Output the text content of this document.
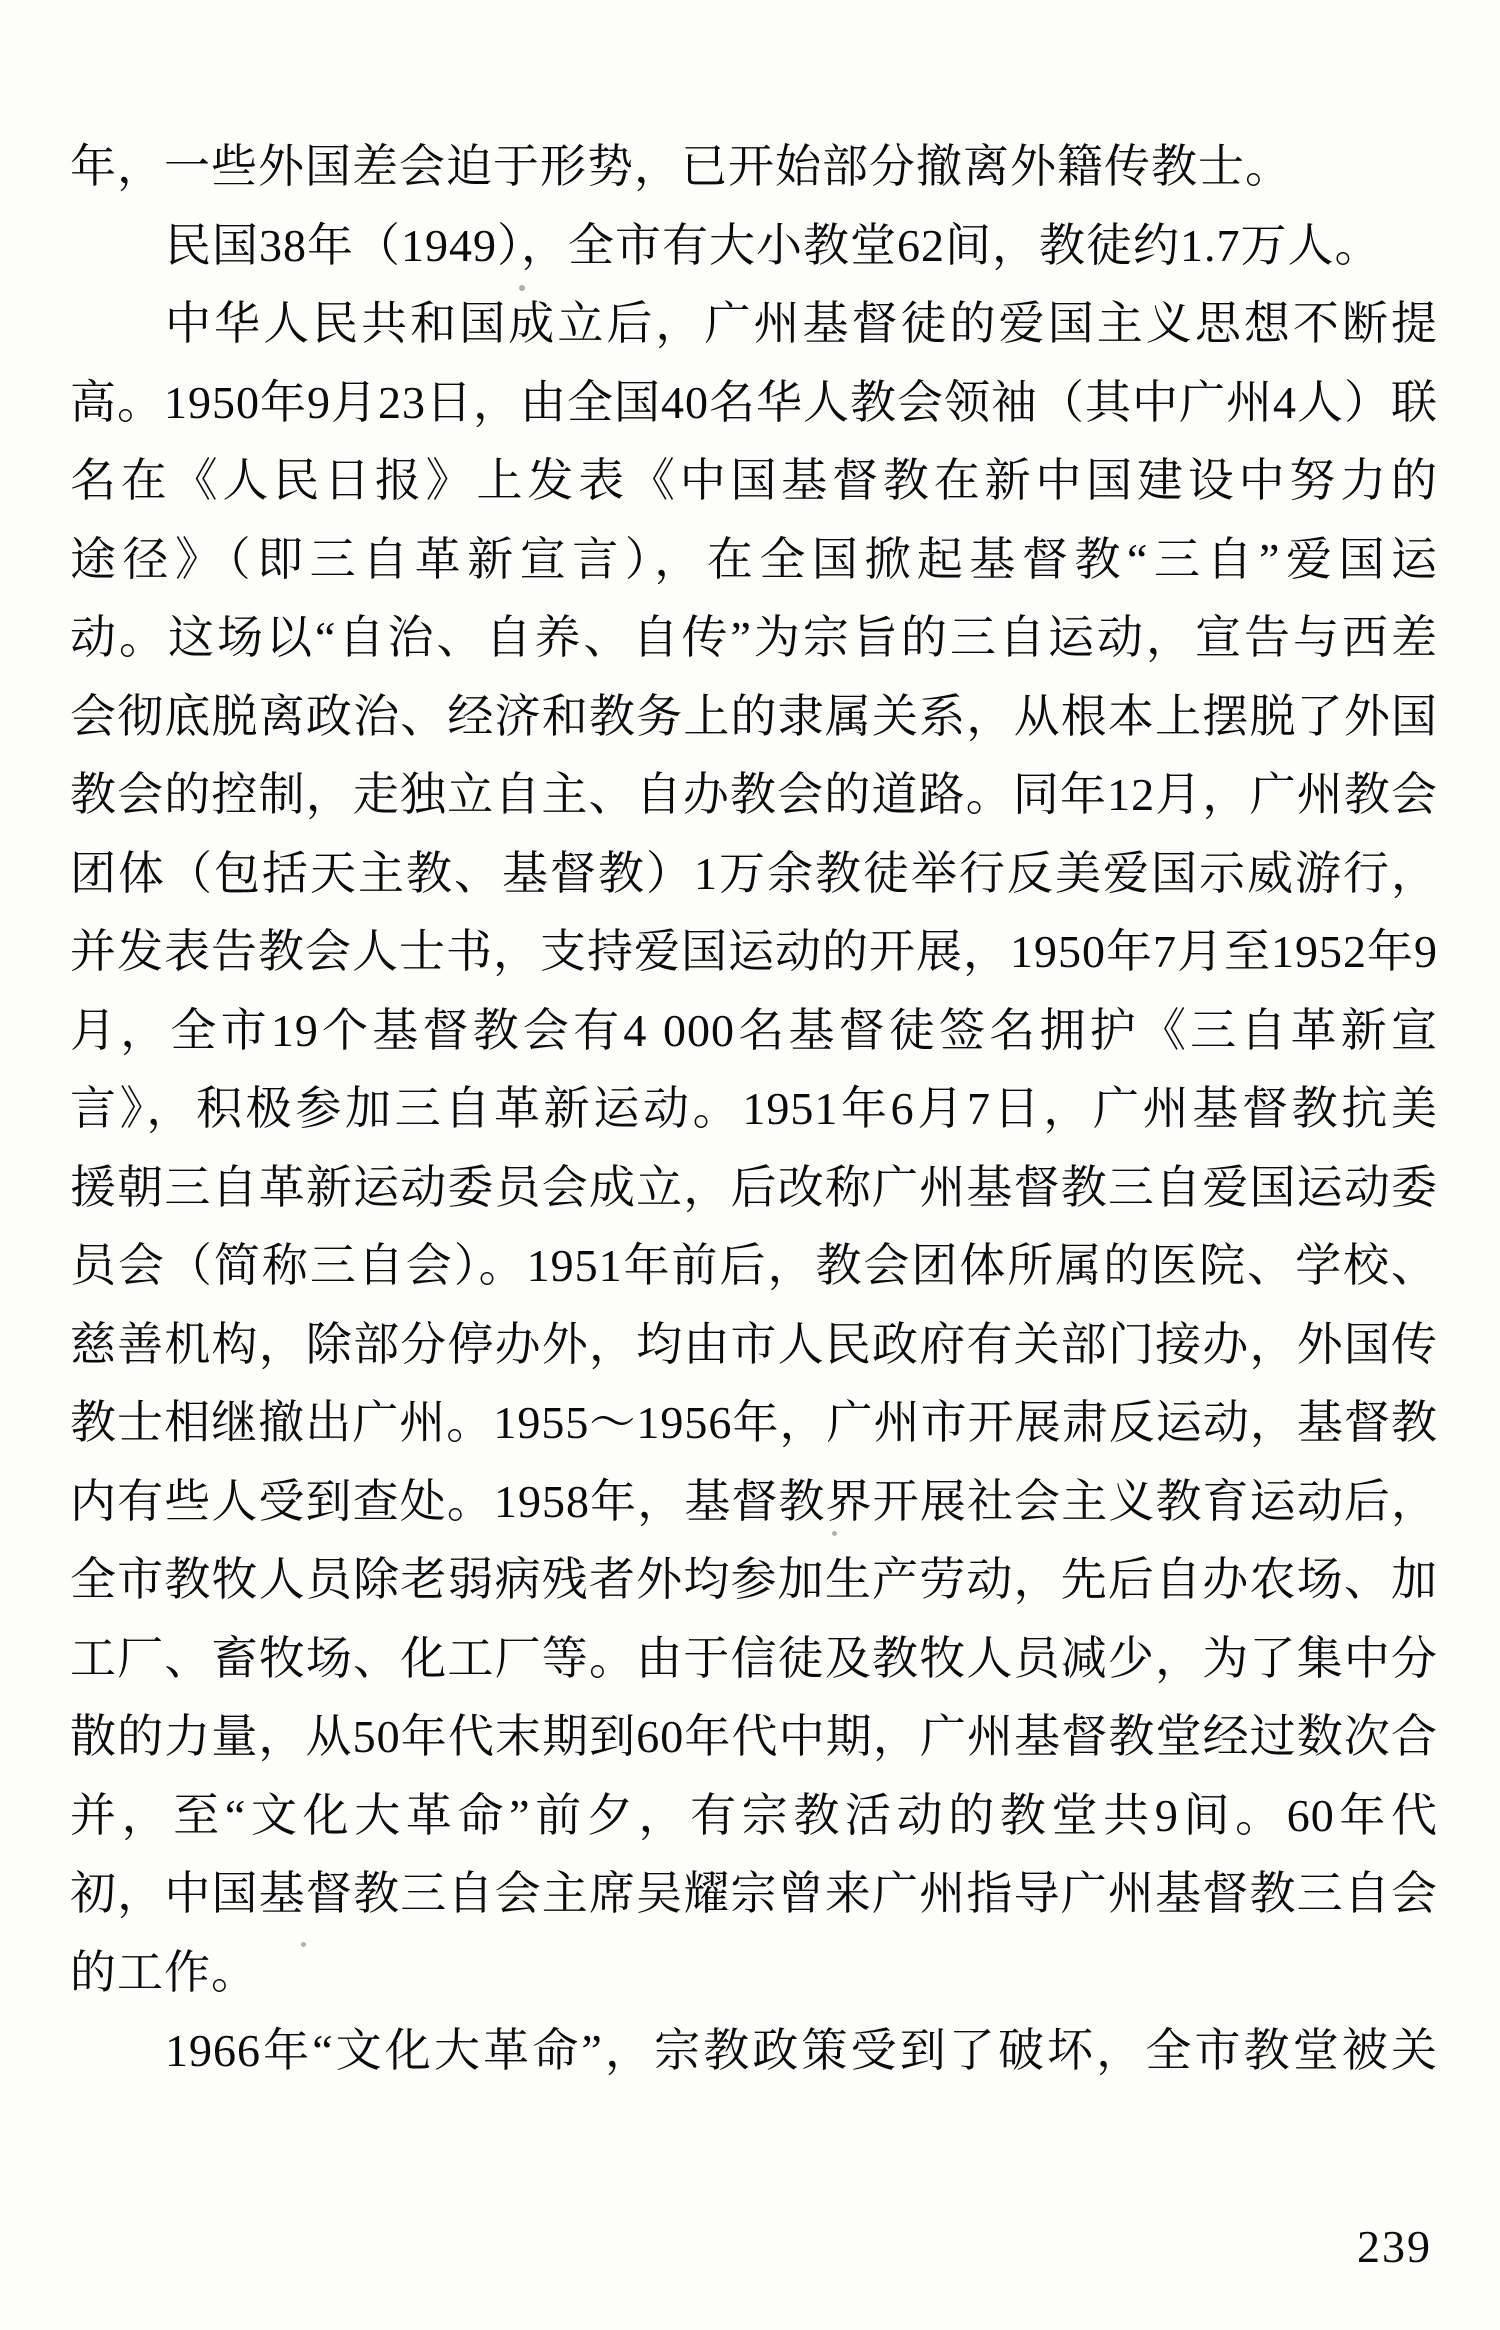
年，一些外国差会迫于形势，已开始部分撤离外籍传教士。
民国38年（1949），全市有大小教堂62间，教徒约1.7万人。
中华人民共和国成立后，广州基督徒的爱国主义思想不断提
高。1950年9月23日，由全国40名华人教会领袖（其中广州4人）联
名在《人民日报》上发表《中国基督教在新中国建设中努力的
途径》（即三自革新宣言），在全国掀起基督教“三自”爱国运
动。这场以“自治、自养、自传”为宗旨的三自运动，宣告与西差
会彻底脱离政治、经济和教务上的隶属关系，从根本上摆脱了外国
教会的控制，走独立自主、自办教会的道路。同年12月，广州教会
团体（包括天主教、基督教）1万余教徒举行反美爱国示威游行，
并发表告教会人士书，支持爱国运动的开展，1950年7月至1952年9
月，全市19个基督教会有4 000名基督徒签名拥护《三自革新宣
言》，积极参加三自革新运动。1951年6月7日，广州基督教抗美
援朝三自革新运动委员会成立，后改称广州基督教三自爱国运动委
员会（简称三自会）。1951年前后，教会团体所属的医院、学校、
慈善机构，除部分停办外，均由市人民政府有关部门接办，外国传
教士相继撤出广州。1955～1956年，广州市开展肃反运动，基督教
内有些人受到查处。1958年，基督教界开展社会主义教育运动后，
全市教牧人员除老弱病残者外均参加生产劳动，先后自办农场、加
工厂、畜牧场、化工厂等。由于信徒及教牧人员减少，为了集中分
散的力量，从50年代末期到60年代中期，广州基督教堂经过数次合
并，至“文化大革命”前夕，有宗教活动的教堂共9间。60年代
初，中国基督教三自会主席吴耀宗曾来广州指导广州基督教三自会
的工作。
1966年“文化大革命”，宗教政策受到了破坏，全市教堂被关
239
